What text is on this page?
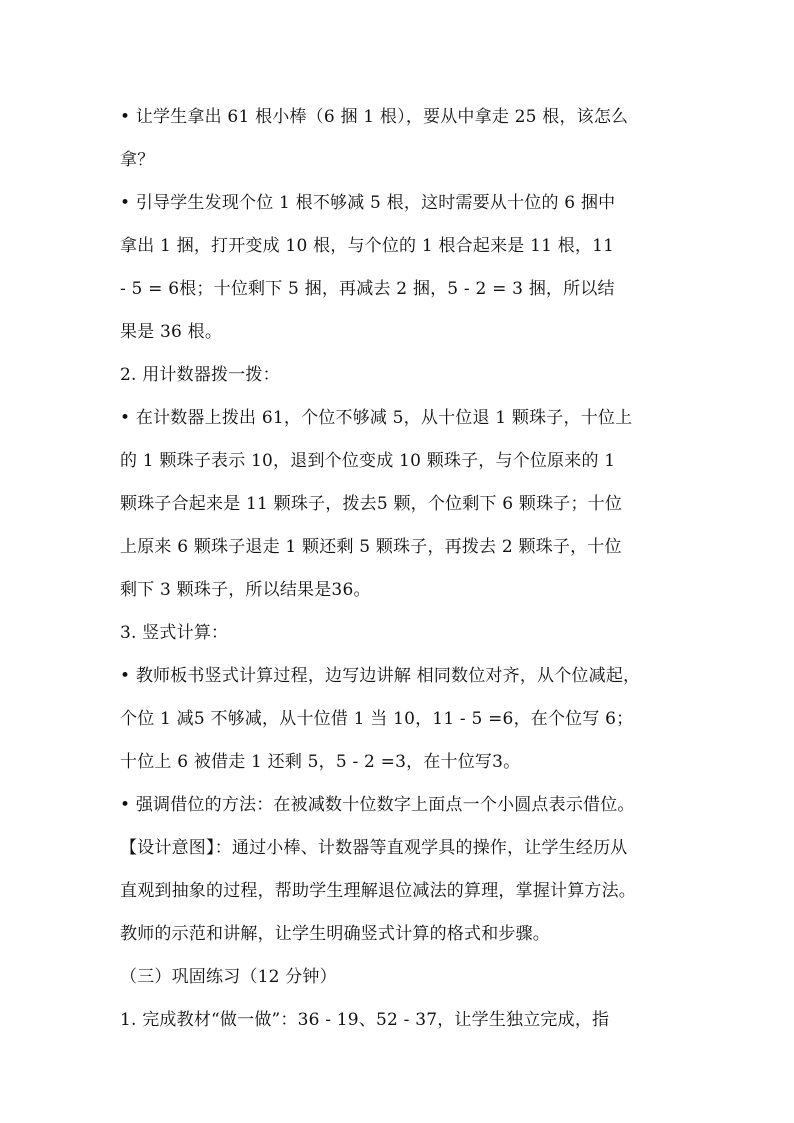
• 让学生拿出 61 根小棒（6 捆 1 根），要从中拿走 25 根，该怎么
拿？
• 引导学生发现个位 1 根不够减 5 根，这时需要从十位的 6 捆中
拿出 1 捆，打开变成 10 根，与个位的 1 根合起来是 11 根，11
- 5 = 6根；十位剩下 5 捆，再减去 2 捆，5 - 2 = 3 捆，所以结
果是 36 根。
2. 用计数器拨一拨：
• 在计数器上拨出 61，个位不够减 5，从十位退 1 颗珠子，十位上
的 1 颗珠子表示 10，退到个位变成 10 颗珠子，与个位原来的 1
颗珠子合起来是 11 颗珠子，拨去5 颗，个位剩下 6 颗珠子；十位
上原来 6 颗珠子退走 1 颗还剩 5 颗珠子，再拨去 2 颗珠子，十位
剩下 3 颗珠子，所以结果是36。
3. 竖式计算：
• 教师板书竖式计算过程，边写边讲解 相同数位对齐，从个位减起，
个位 1 减5 不够减，从十位借 1 当 10，11 - 5 =6，在个位写 6；
十位上 6 被借走 1 还剩 5，5 - 2 =3，在十位写3。
• 强调借位的方法：在被减数十位数字上面点一个小圆点表示借位。
【设计意图】：通过小棒、计数器等直观学具的操作，让学生经历从
直观到抽象的过程，帮助学生理解退位减法的算理，掌握计算方法。
教师的示范和讲解，让学生明确竖式计算的格式和步骤。
（三）巩固练习（12 分钟）
1. 完成教材“做一做”：36 - 19、52 - 37，让学生独立完成，指
